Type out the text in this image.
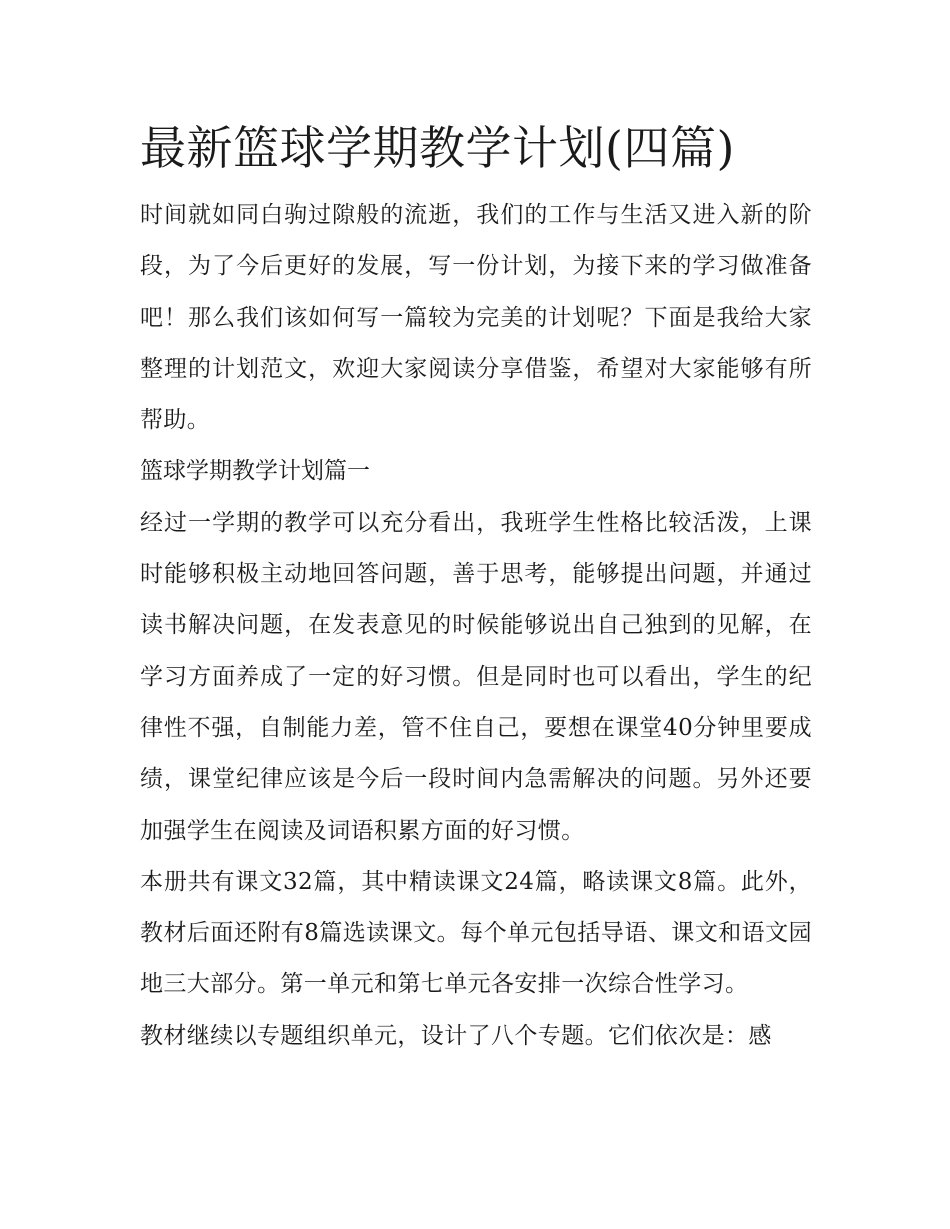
最新篮球学期教学计划(四篇)

时间就如同白驹过隙般的流逝，我们的工作与生活又进入新的阶段，为了今后更好的发展，写一份计划，为接下来的学习做准备吧！那么我们该如何写一篇较为完美的计划呢？下面是我给大家整理的计划范文，欢迎大家阅读分享借鉴，希望对大家能够有所帮助。

篮球学期教学计划篇一

经过一学期的教学可以充分看出，我班学生性格比较活泼，上课时能够积极主动地回答问题，善于思考，能够提出问题，并通过读书解决问题，在发表意见的时候能够说出自己独到的见解，在学习方面养成了一定的好习惯。但是同时也可以看出，学生的纪律性不强，自制能力差，管不住自己，要想在课堂40分钟里要成绩，课堂纪律应该是今后一段时间内急需解决的问题。另外还要加强学生在阅读及词语积累方面的好习惯。

本册共有课文32篇，其中精读课文24篇，略读课文8篇。此外，教材后面还附有8篇选读课文。每个单元包括导语、课文和语文园地三大部分。第一单元和第七单元各安排一次综合性学习。

教材继续以专题组织单元，设计了八个专题。它们依次是：感
